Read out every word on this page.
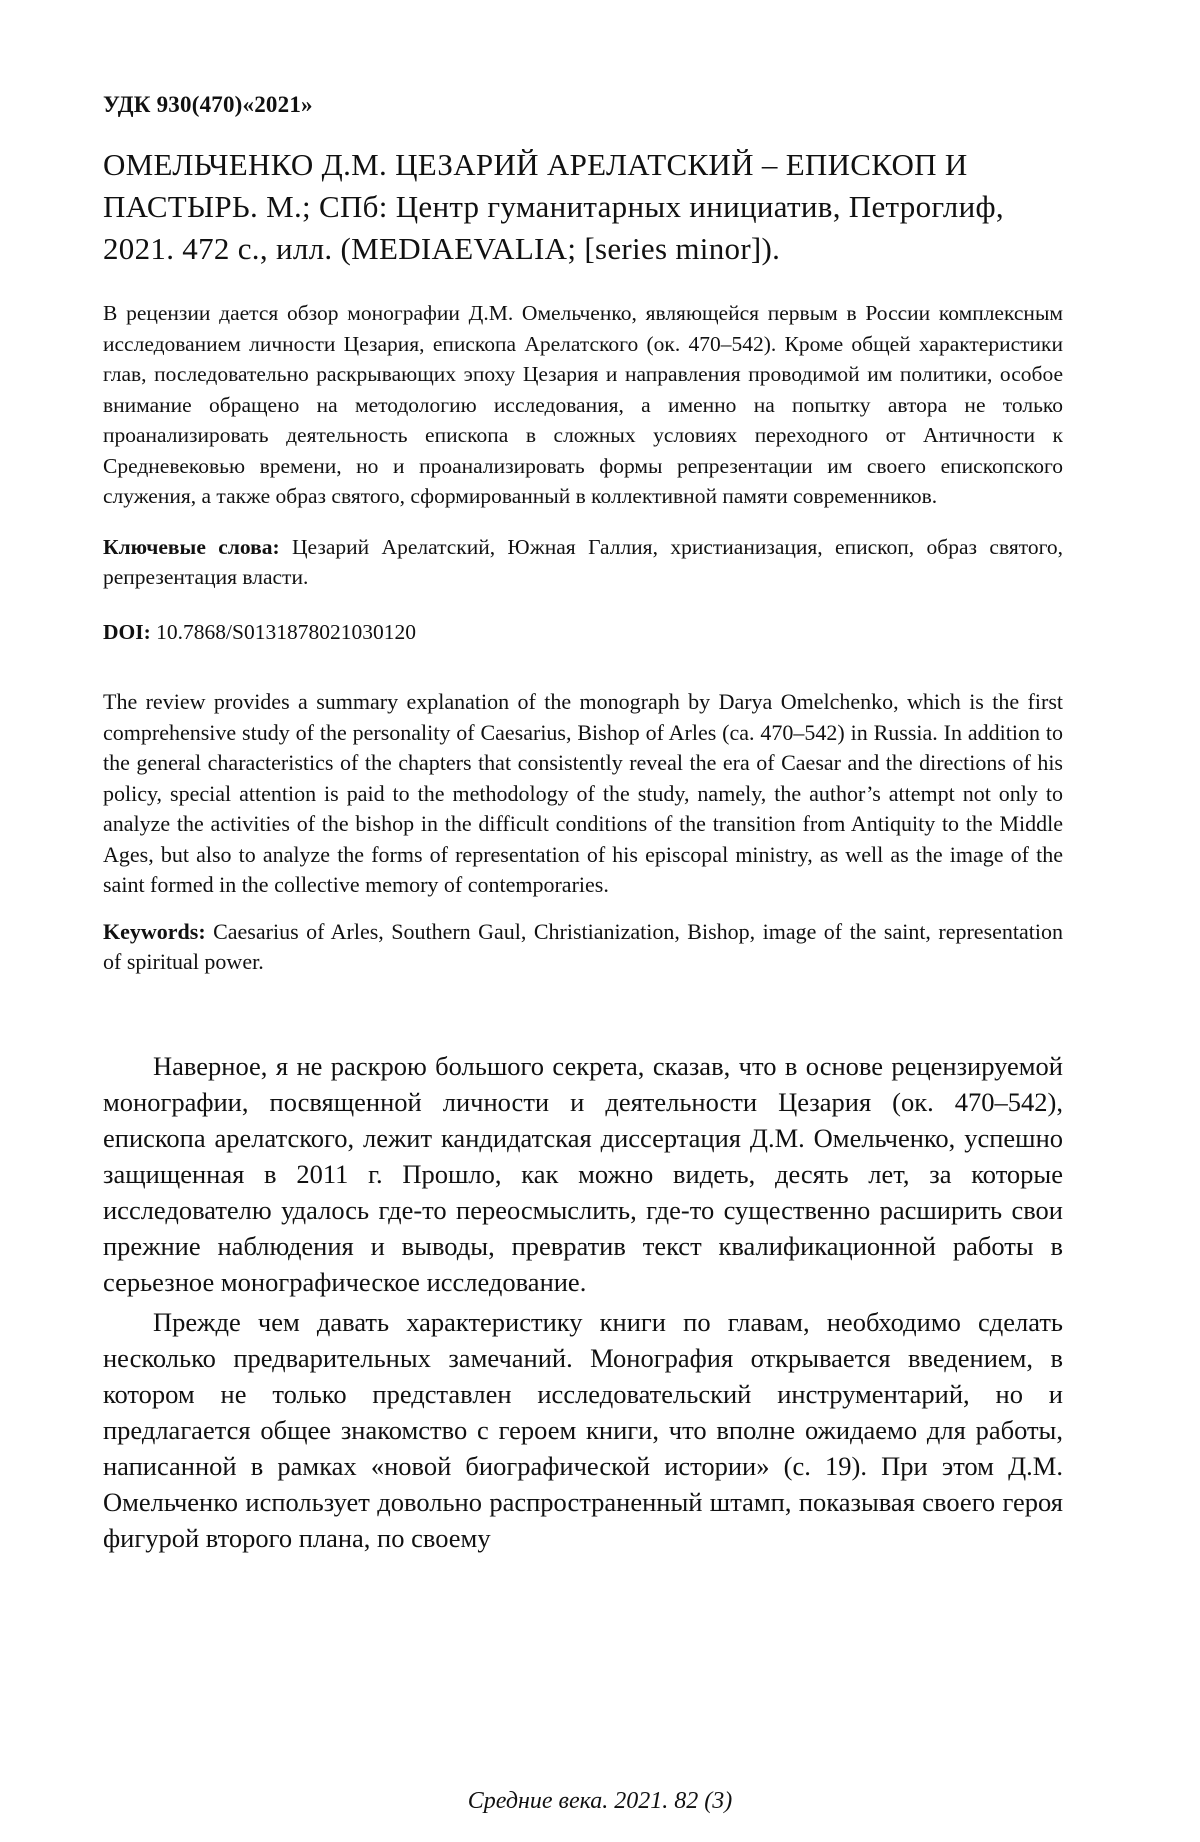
УДК 930(470)«2021»
ОМЕЛЬЧЕНКО Д.М. ЦЕЗАРИЙ АРЕЛАТСКИЙ – ЕПИСКОП И ПАСТЫРЬ. М.; СПб: Центр гуманитарных инициатив, Петроглиф, 2021. 472 с., илл. (MEDIAEVALIA; [series minor]).

В рецензии дается обзор монографии Д.М. Омельченко, являющейся первым в России комплексным исследованием личности Цезария, епископа Арелатского (ок. 470–542). Кроме общей характеристики глав, последовательно раскрывающих эпоху Цезария и направления проводимой им политики, особое внимание обращено на методологию исследования, а именно на попытку автора не только проанализировать деятельность епископа в сложных условиях переходного от Античности к Средневековью времени, но и проанализировать формы репрезентации им своего епископского служения, а также образ святого, сформированный в коллективной памяти современников.

Ключевые слова: Цезарий Арелатский, Южная Галлия, христианизация, епископ, образ святого, репрезентация власти.

DOI: 10.7868/S0131878021030120

The review provides a summary explanation of the monograph by Darya Omelchenko, which is the first comprehensive study of the personality of Caesarius, Bishop of Arles (ca. 470–542) in Russia. In addition to the general characteristics of the chapters that consistently reveal the era of Caesar and the directions of his policy, special attention is paid to the methodology of the study, namely, the author’s attempt not only to analyze the activities of the bishop in the difficult conditions of the transition from Antiquity to the Middle Ages, but also to analyze the forms of representation of his episcopal ministry, as well as the image of the saint formed in the collective memory of contemporaries.

Keywords: Caesarius of Arles, Southern Gaul, Christianization, Bishop, image of the saint, representation of spiritual power.

Наверное, я не раскрою большого секрета, сказав, что в основе рецензируемой монографии, посвященной личности и деятельности Цезария (ок. 470–542), епископа арелатского, лежит кандидатская диссертация Д.М. Омельченко, успешно защищенная в 2011 г. Прошло, как можно видеть, десять лет, за которые исследователю удалось где-то переосмыслить, где-то существенно расширить свои прежние наблюдения и выводы, превратив текст квалификационной работы в серьезное монографическое исследование.

Прежде чем давать характеристику книги по главам, необходимо сделать несколько предварительных замечаний. Монография открывается введением, в котором не только представлен исследовательский инструментарий, но и предлагается общее знакомство с героем книги, что вполне ожидаемо для работы, написанной в рамках «новой биографической истории» (с. 19). При этом Д.М. Омельченко использует довольно распространенный штамп, показывая своего героя фигурой второго плана, по своему

Средние века. 2021. 82 (3)
